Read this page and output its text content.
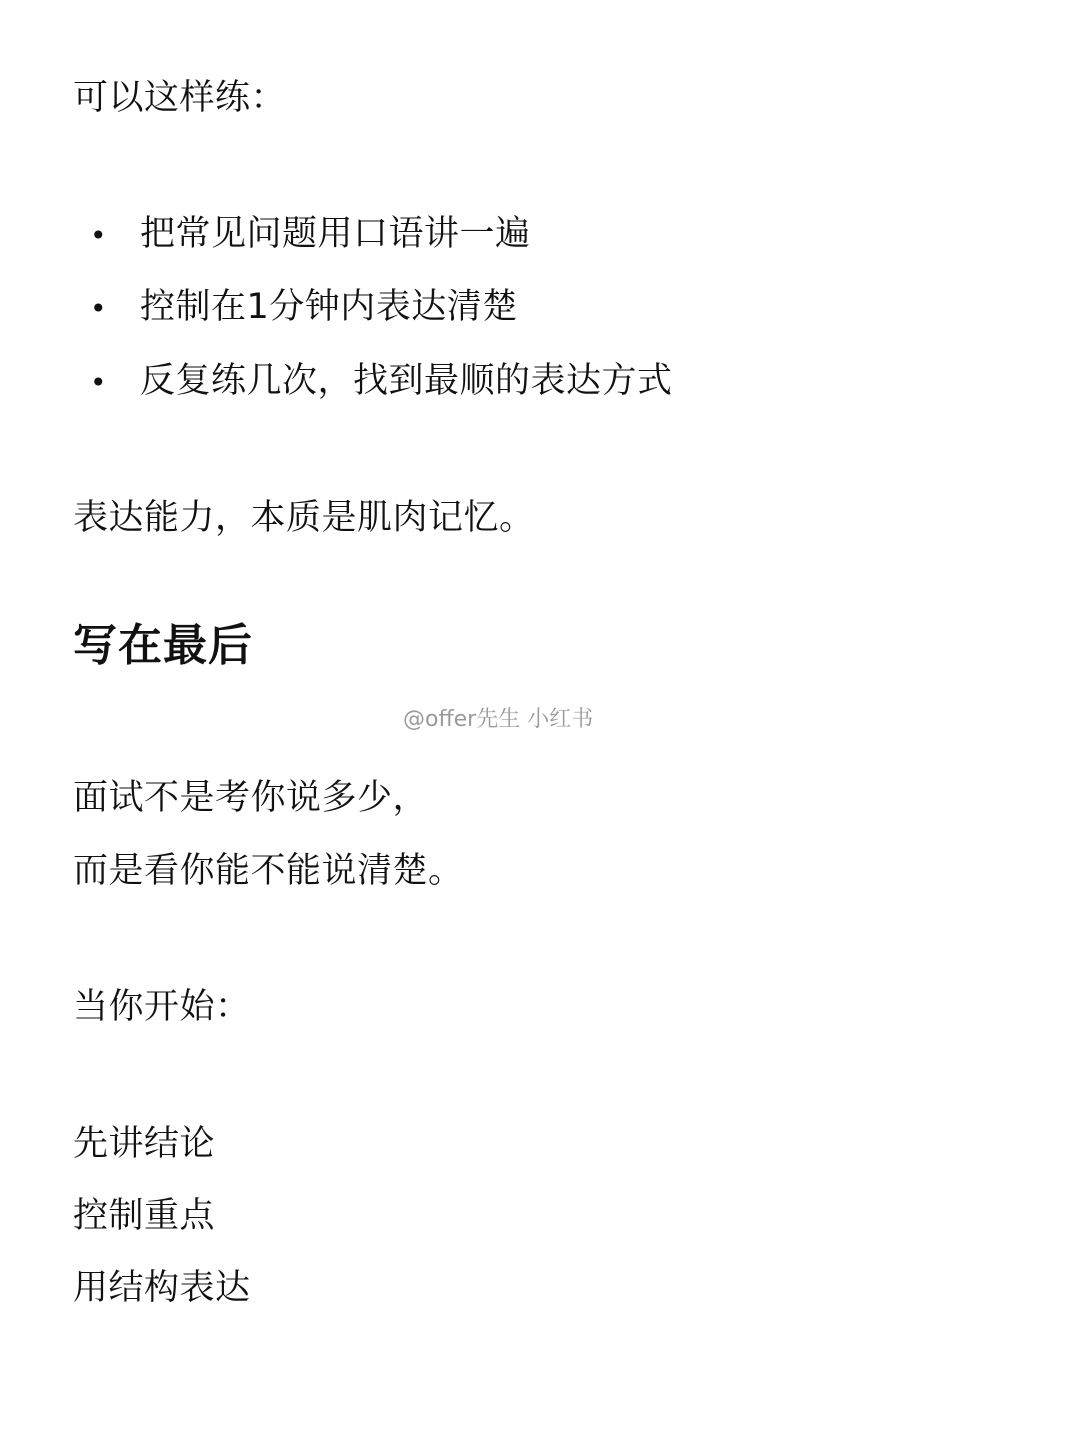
可以这样练：
• 把常见问题用口语讲一遍
• 控制在1分钟内表达清楚
• 反复练几次，找到最顺的表达方式
表达能力，本质是肌肉记忆。
写在最后
@offer先生 小红书
面试不是考你说多少，
而是看你能不能说清楚。
当你开始：
先讲结论
控制重点
用结构表达
